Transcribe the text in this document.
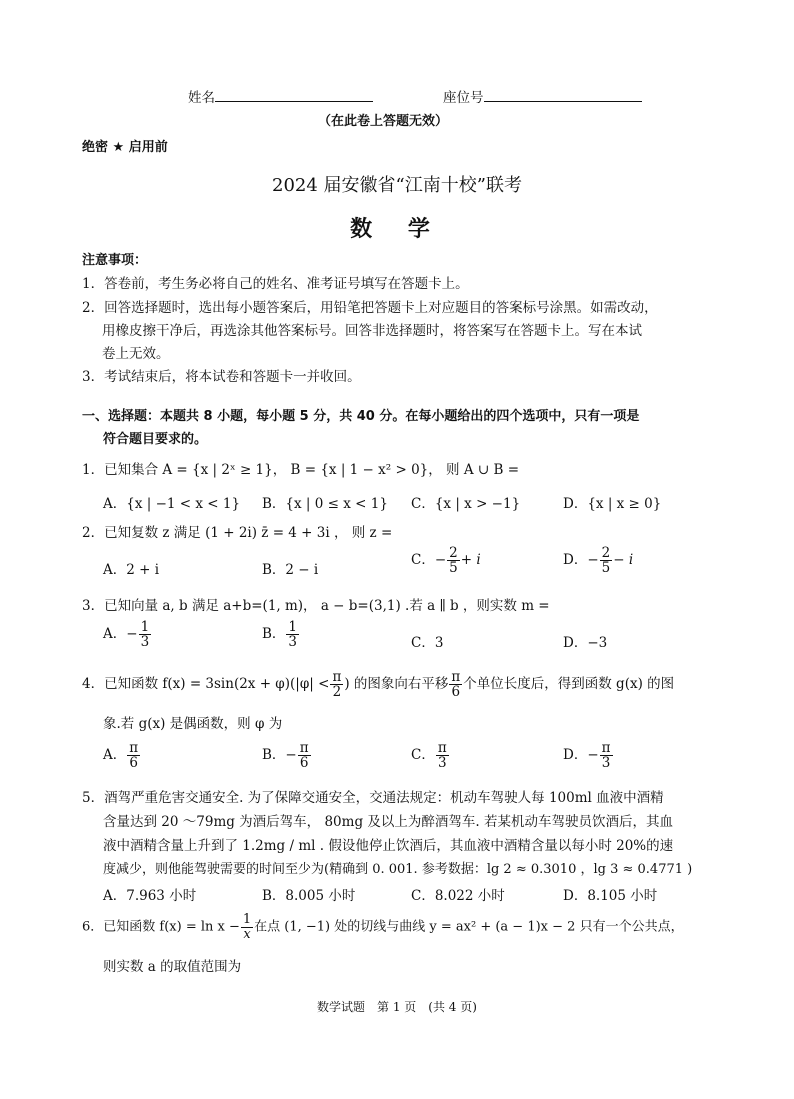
姓名	座位号
（在此卷上答题无效）
绝密 ★ 启用前
2024 届安徽省“江南十校”联考
数 学
注意事项：
1．答卷前，考生务必将自己的姓名、准考证号填写在答题卡上。
2．回答选择题时，选出每小题答案后，用铅笔把答题卡上对应题目的答案标号涂黑。如需改动，
用橡皮擦干净后，再选涂其他答案标号。回答非选择题时，将答案写在答题卡上。写在本试
卷上无效。
3．考试结束后，将本试卷和答题卡一并收回。
一、选择题：本题共 8 小题，每小题 5 分，共 40 分。在每小题给出的四个选项中，只有一项是
符合题目要求的。
1．已知集合 A = {x | 2ˣ ≥ 1}， B = {x | 1 − x² > 0}， 则 A ∪ B =
A．{x | −1 < x < 1} B．{x | 0 ≤ x < 1} C．{x | x > −1}	D．{x | x ≥ 0}
2．已知复数 z 满足 (1 + 2i) z̄ = 4 + 3i ， 则 z =
A．2 + i	B．2 − i
C．− $\frac{2}{5} + i$	D．− $\frac{2}{5} - i$
3．已知向量 a, b 满足 a+b=(1, m)， a − b=(3,1) .若 a ∥ b ，则实数 m =
A．− $\frac{1}{3}$	B． $\frac{1}{3}$	C．3	D．−3
4．已知函数 $f(x) = 3\sin(2x + \varphi)(|\varphi| < \frac{\pi}{2}$ ) 的图象向右平移 $\frac{\pi}{6}$ 个单位长度后，得到函数 g(x) 的图
象.若 g(x) 是偶函数，则 φ 为
A． $\frac{\pi}{6}$	B．− $\frac{\pi}{6}$	C． $\frac{\pi}{3}$	D．− $\frac{\pi}{3}$
5．酒驾严重危害交通安全. 为了保障交通安全，交通法规定：机动车驾驶人每 100ml 血液中酒精
含量达到 20 ～79mg 为酒后驾车， 80mg 及以上为醉酒驾车. 若某机动车驾驶员饮酒后，其血
液中酒精含量上升到了 1.2mg / ml . 假设他停止饮酒后，其血液中酒精含量以每小时 20%的速
度减少，则他能驾驶需要的时间至少为(精确到 0. 001. 参考数据：lg 2 ≈ 0.3010 ，lg 3 ≈ 0.4771 )
A．7.963 小时	B．8.005 小时	C．8.022 小时	D．8.105 小时
6．已知函数 $f(x) = \ln x - \frac{1}{x}$ 在点 (1, −1) 处的切线与曲线 y = ax² + (a − 1)x − 2 只有一个公共点，
则实数 a 的取值范围为
数学试题　第 1 页　(共 4 页)
